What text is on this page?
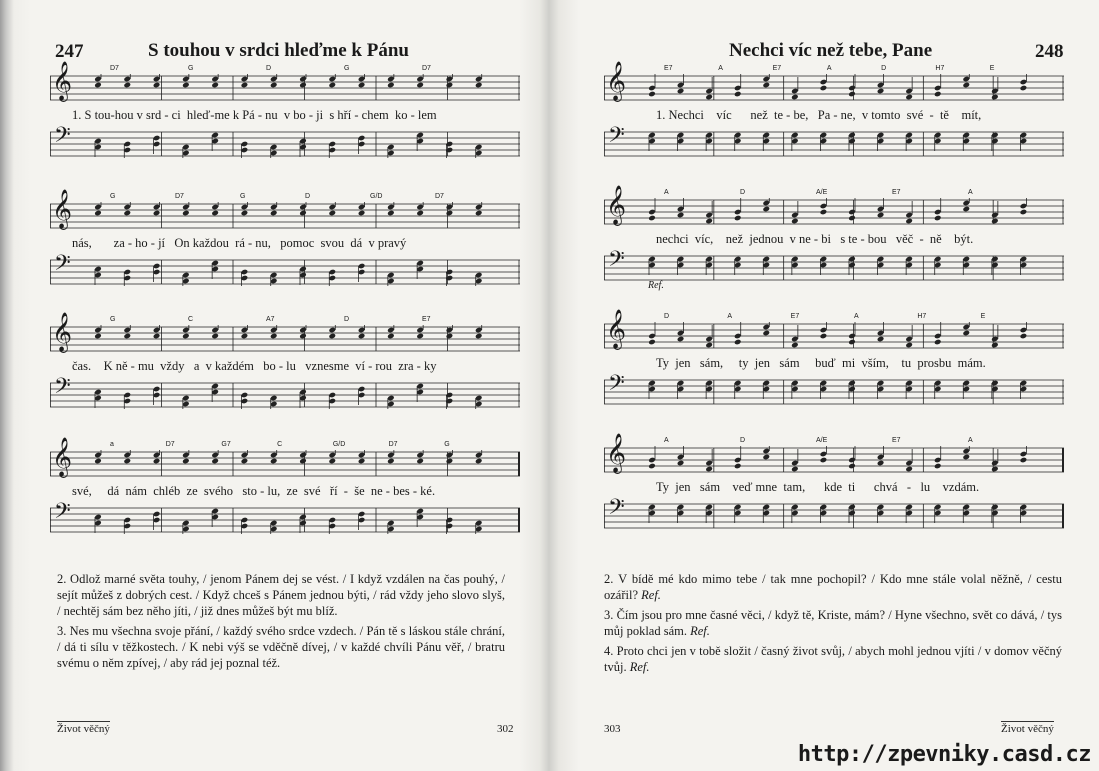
247	S touhou v srdci hleďme k Pánu
D7	G	D	G	D7
𝄞
𝄢
1. S tou-hou v srd - ci  hleď-me k Pá - nu  v bo - ji  s hří - chem  ko - lem
G	D7	G	D	G/D	D7
𝄞
𝄢
nás,       za - ho - jí   On každou  rá - nu,   pomoc  svou  dá  v pravý
G	C	A7	D	E7
𝄞
𝄢
čas.    K ně - mu  vždy   a  v každém   bo - lu   vznesme  ví - rou  zra - ky
a	D7	G7	C	G/D	D7	G
𝄞
𝄢
své,     dá  nám  chléb  ze  svého   sto - lu,  ze  své   ří  -  še  ne - bes - ké.

2. Odlož marné světa touhy, / jenom Pánem dej se vést. / I když vzdálen na čas pouhý, / sejít můžeš z dobrých cest. / Když chceš s Pánem jednou býti, / rád vždy jeho slovo slyš, / nechtěj sám bez něho jíti, / již dnes můžeš být mu blíž.

3. Nes mu všechna svoje přání, / každý svého srdce vzdech. / Pán tě s láskou stále chrání, / dá ti sílu v těžkostech. / K nebi výš se vděčně dívej, / v každé chvíli Pánu věř, / bratru svému o něm zpívej, / aby rád jej poznal též.

Život věčný	302
Nechci víc než tebe, Pane	248
E7	A	E7	A	D	H7	E
𝄞
𝄢
1. Nechci    víc      než  te - be,   Pa - ne,  v tomto  své  -  tě    mít,
A	D	A/E	E7	A
𝄞
𝄢
nechci  víc,    než  jednou  v ne - bi   s te - bou   věč  -  ně    být.
D	A	E7	A	H7	E
𝄞
𝄢
Ref.
Ty  jen   sám,     ty  jen   sám     buď  mi  vším,    tu  prosbu  mám.
A	D	A/E	E7	A
𝄞
𝄢
Ty  jen   sám    veď mne  tam,      kde  ti      chvá   -   lu    vzdám.

2. V bídě mé kdo mimo tebe / tak mne pochopil? / Kdo mne stále volal něžně, / cestu ozářil? Ref.

3. Čím jsou pro mne časné věci, / když tě, Kriste, mám? / Hyne všechno, svět co dává, / tys můj poklad sám. Ref.

4. Proto chci jen v tobě složit / časný život svůj, / abych mohl jednou vjíti / v domov věčný tvůj. Ref.

303	Život věčný
http://zpevniky.casd.cz
